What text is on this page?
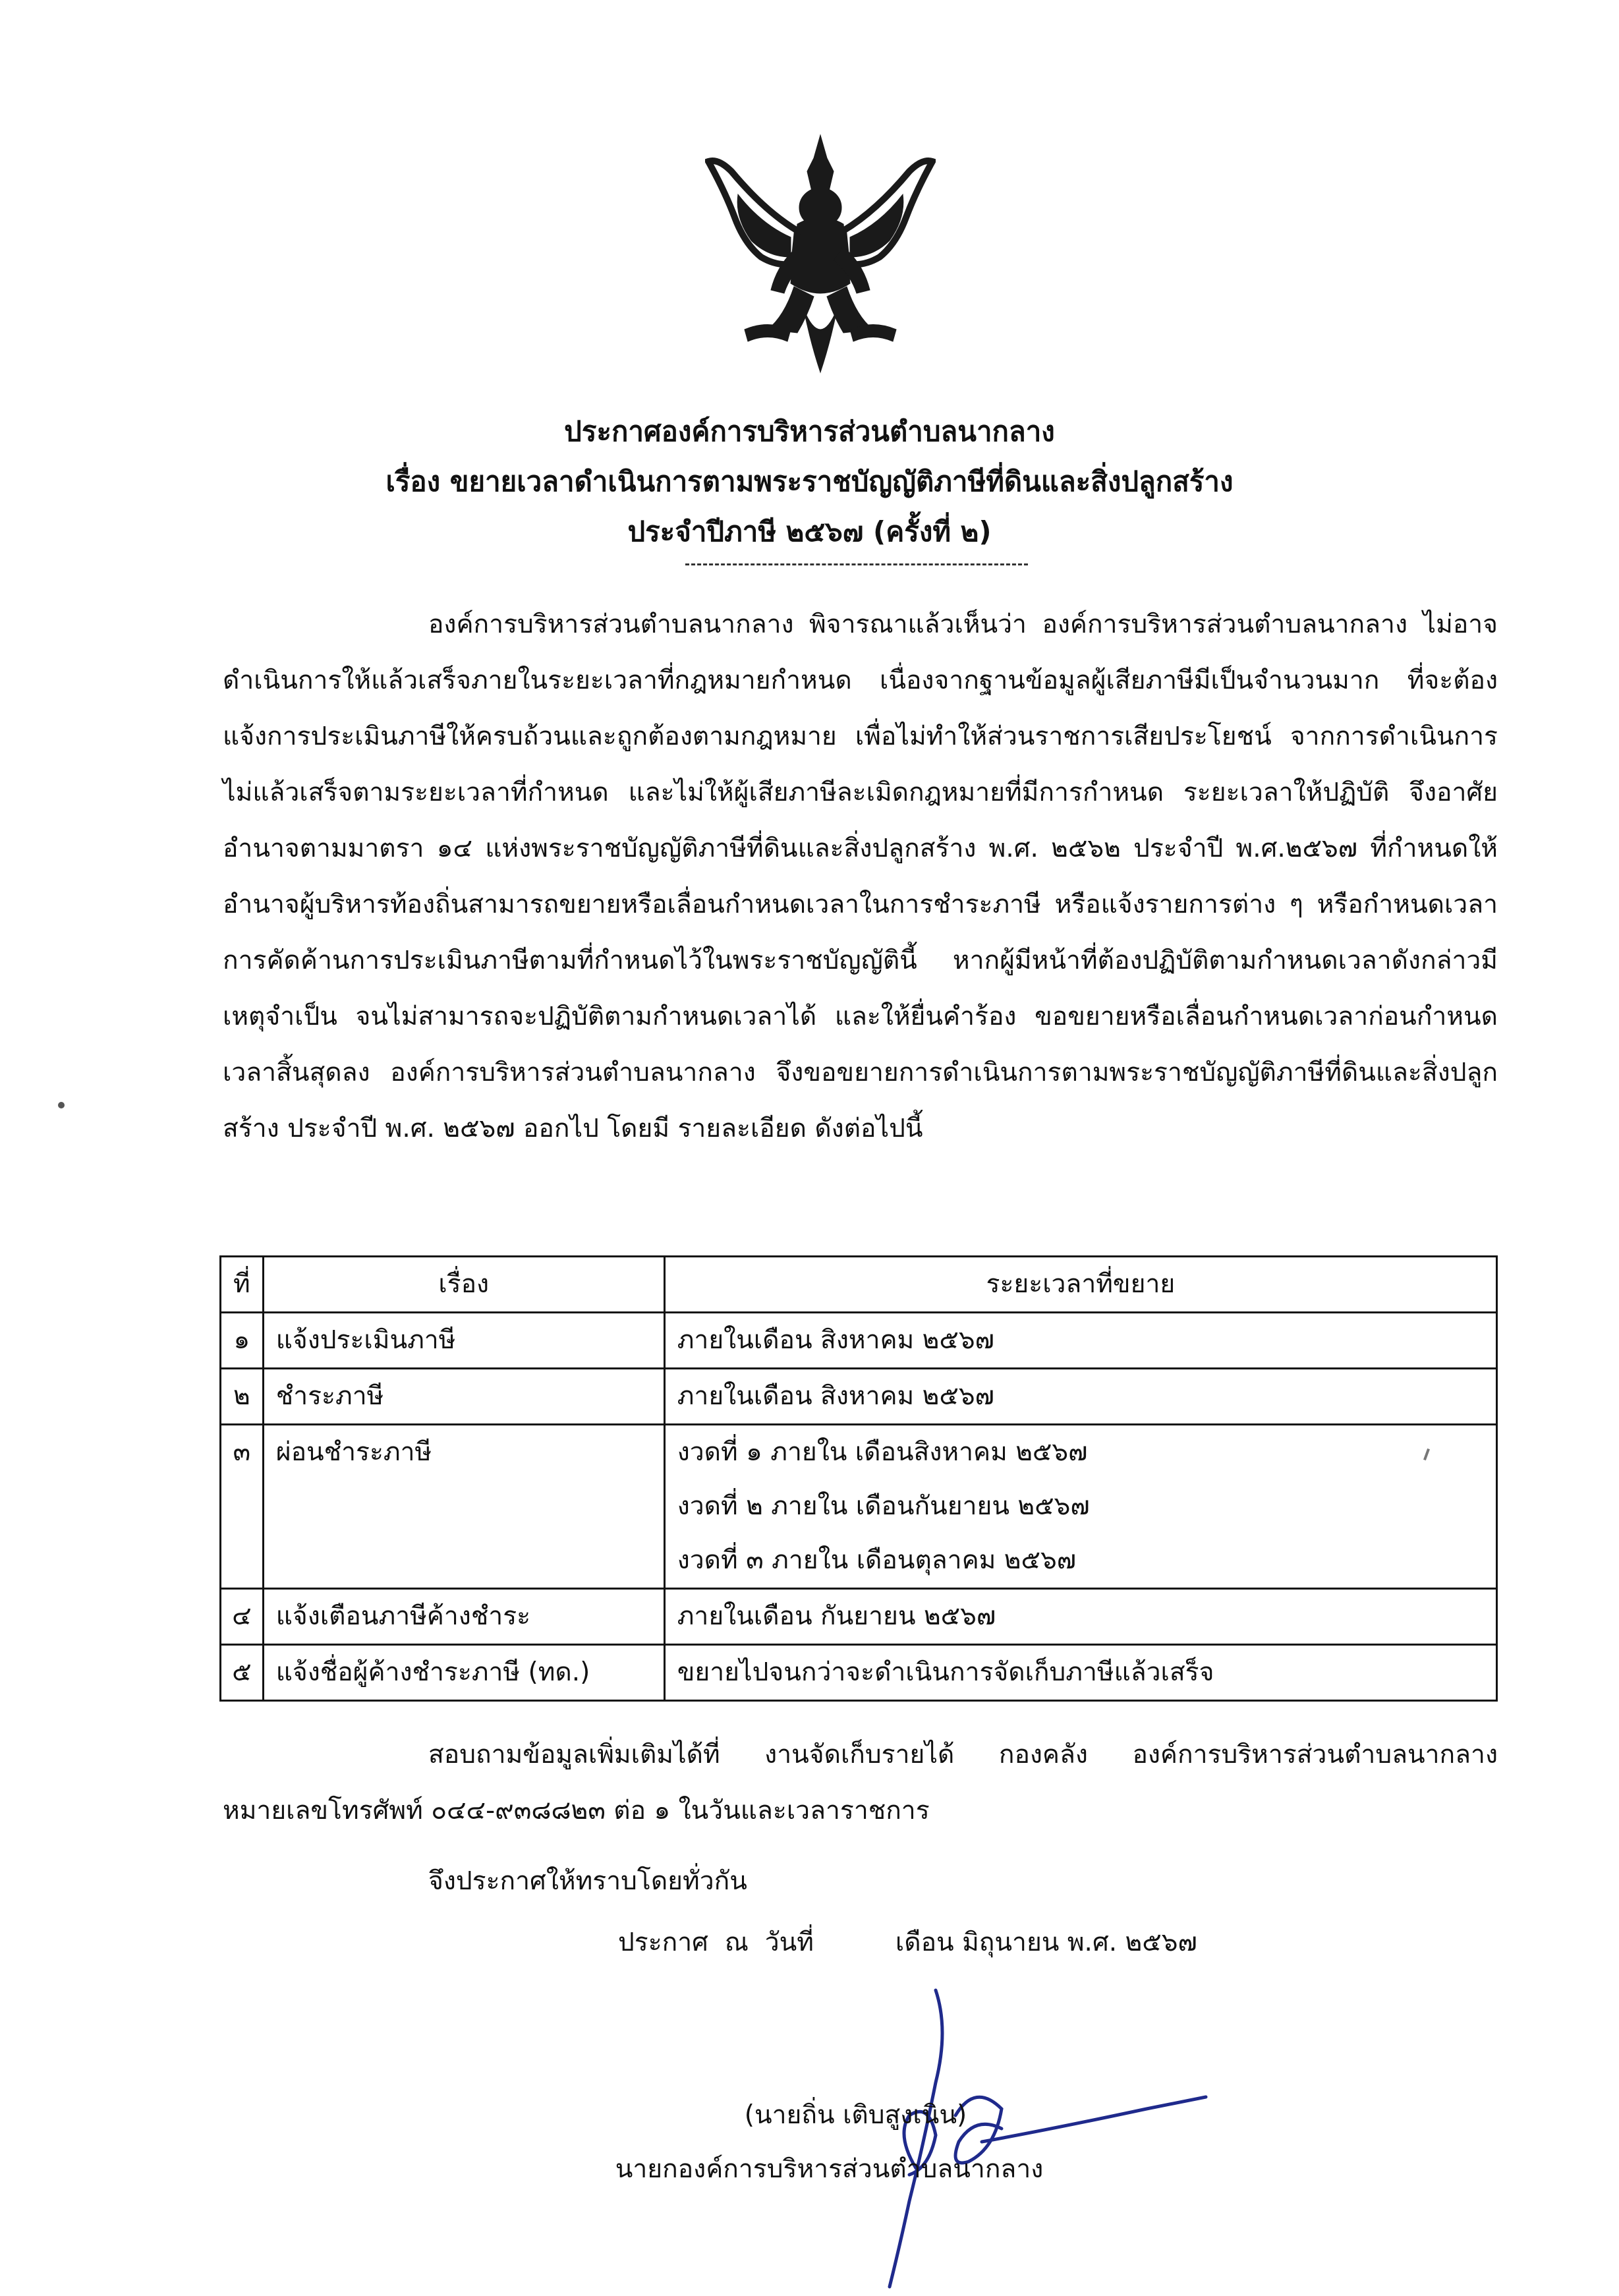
ประกาศองค์การบริหารส่วนตำบลนากลาง
เรื่อง ขยายเวลาดำเนินการตามพระราชบัญญัติภาษีที่ดินและสิ่งปลูกสร้าง
ประจำปีภาษี ๒๕๖๗ (ครั้งที่ ๒)

องค์การบริหารส่วนตำบลนากลาง พิจารณาแล้วเห็นว่า องค์การบริหารส่วนตำบลนากลาง ไม่อาจดำเนินการให้แล้วเสร็จภายในระยะเวลาที่กฎหมายกำหนด เนื่องจากฐานข้อมูลผู้เสียภาษีมีเป็นจำนวนมาก ที่จะต้องแจ้งการประเมินภาษีให้ครบถ้วนและถูกต้องตามกฎหมาย เพื่อไม่ทำให้ส่วนราชการเสียประโยชน์ จากการดำเนินการไม่แล้วเสร็จตามระยะเวลาที่กำหนด และไม่ให้ผู้เสียภาษีละเมิดกฎหมายที่มีการกำหนด ระยะเวลาให้ปฏิบัติ จึงอาศัยอำนาจตามมาตรา ๑๔ แห่งพระราชบัญญัติภาษีที่ดินและสิ่งปลูกสร้าง พ.ศ. ๒๕๖๒ ประจำปี พ.ศ.๒๕๖๗ ที่กำหนดให้อำนาจผู้บริหารท้องถิ่นสามารถขยายหรือเลื่อนกำหนดเวลาในการชำระภาษี หรือแจ้งรายการต่าง ๆ หรือกำหนดเวลาการคัดค้านการประเมินภาษีตามที่กำหนดไว้ในพระราชบัญญัตินี้ หากผู้มีหน้าที่ต้องปฏิบัติตามกำหนดเวลาดังกล่าวมีเหตุจำเป็น จนไม่สามารถจะปฏิบัติตามกำหนดเวลาได้ และให้ยื่นคำร้อง ขอขยายหรือเลื่อนกำหนดเวลาก่อนกำหนดเวลาสิ้นสุดลง องค์การบริหารส่วนตำบลนากลาง จึงขอขยายการดำเนินการตามพระราชบัญญัติภาษีที่ดินและสิ่งปลูกสร้าง ประจำปี พ.ศ. ๒๕๖๗ ออกไป โดยมี รายละเอียด ดังต่อไปนี้

ที่	เรื่อง	ระยะเวลาที่ขยาย
๑	แจ้งประเมินภาษี	ภายในเดือน สิงหาคม ๒๕๖๗

๒	ชำระภาษี	ภายในเดือน สิงหาคม ๒๕๖๗

๓	ผ่อนชำระภาษี	งวดที่ ๑ ภายใน เดือนสิงหาคม ๒๕๖๗
งวดที่ ๒ ภายใน เดือนกันยายน ๒๕๖๗
งวดที่ ๓ ภายใน เดือนตุลาคม ๒๕๖๗

๔	แจ้งเตือนภาษีค้างชำระ	ภายในเดือน กันยายน ๒๕๖๗

๕	แจ้งชื่อผู้ค้างชำระภาษี (ทด.)	ขยายไปจนกว่าจะดำเนินการจัดเก็บภาษีแล้วเสร็จ

สอบถามข้อมูลเพิ่มเติมได้ที่ งานจัดเก็บรายได้ กองคลัง องค์การบริหารส่วนตำบลนากลาง หมายเลขโทรศัพท์ ๐๔๔-๙๓๘๘๒๓ ต่อ ๑ ในวันและเวลาราชการ

จึงประกาศให้ทราบโดยทั่วกัน
ประกาศ  ณ  วันที่          เดือน มิถุนายน พ.ศ. ๒๕๖๗
(นายถิ่น เติบสูงเนิน)
นายกองค์การบริหารส่วนตำบลนากลาง
